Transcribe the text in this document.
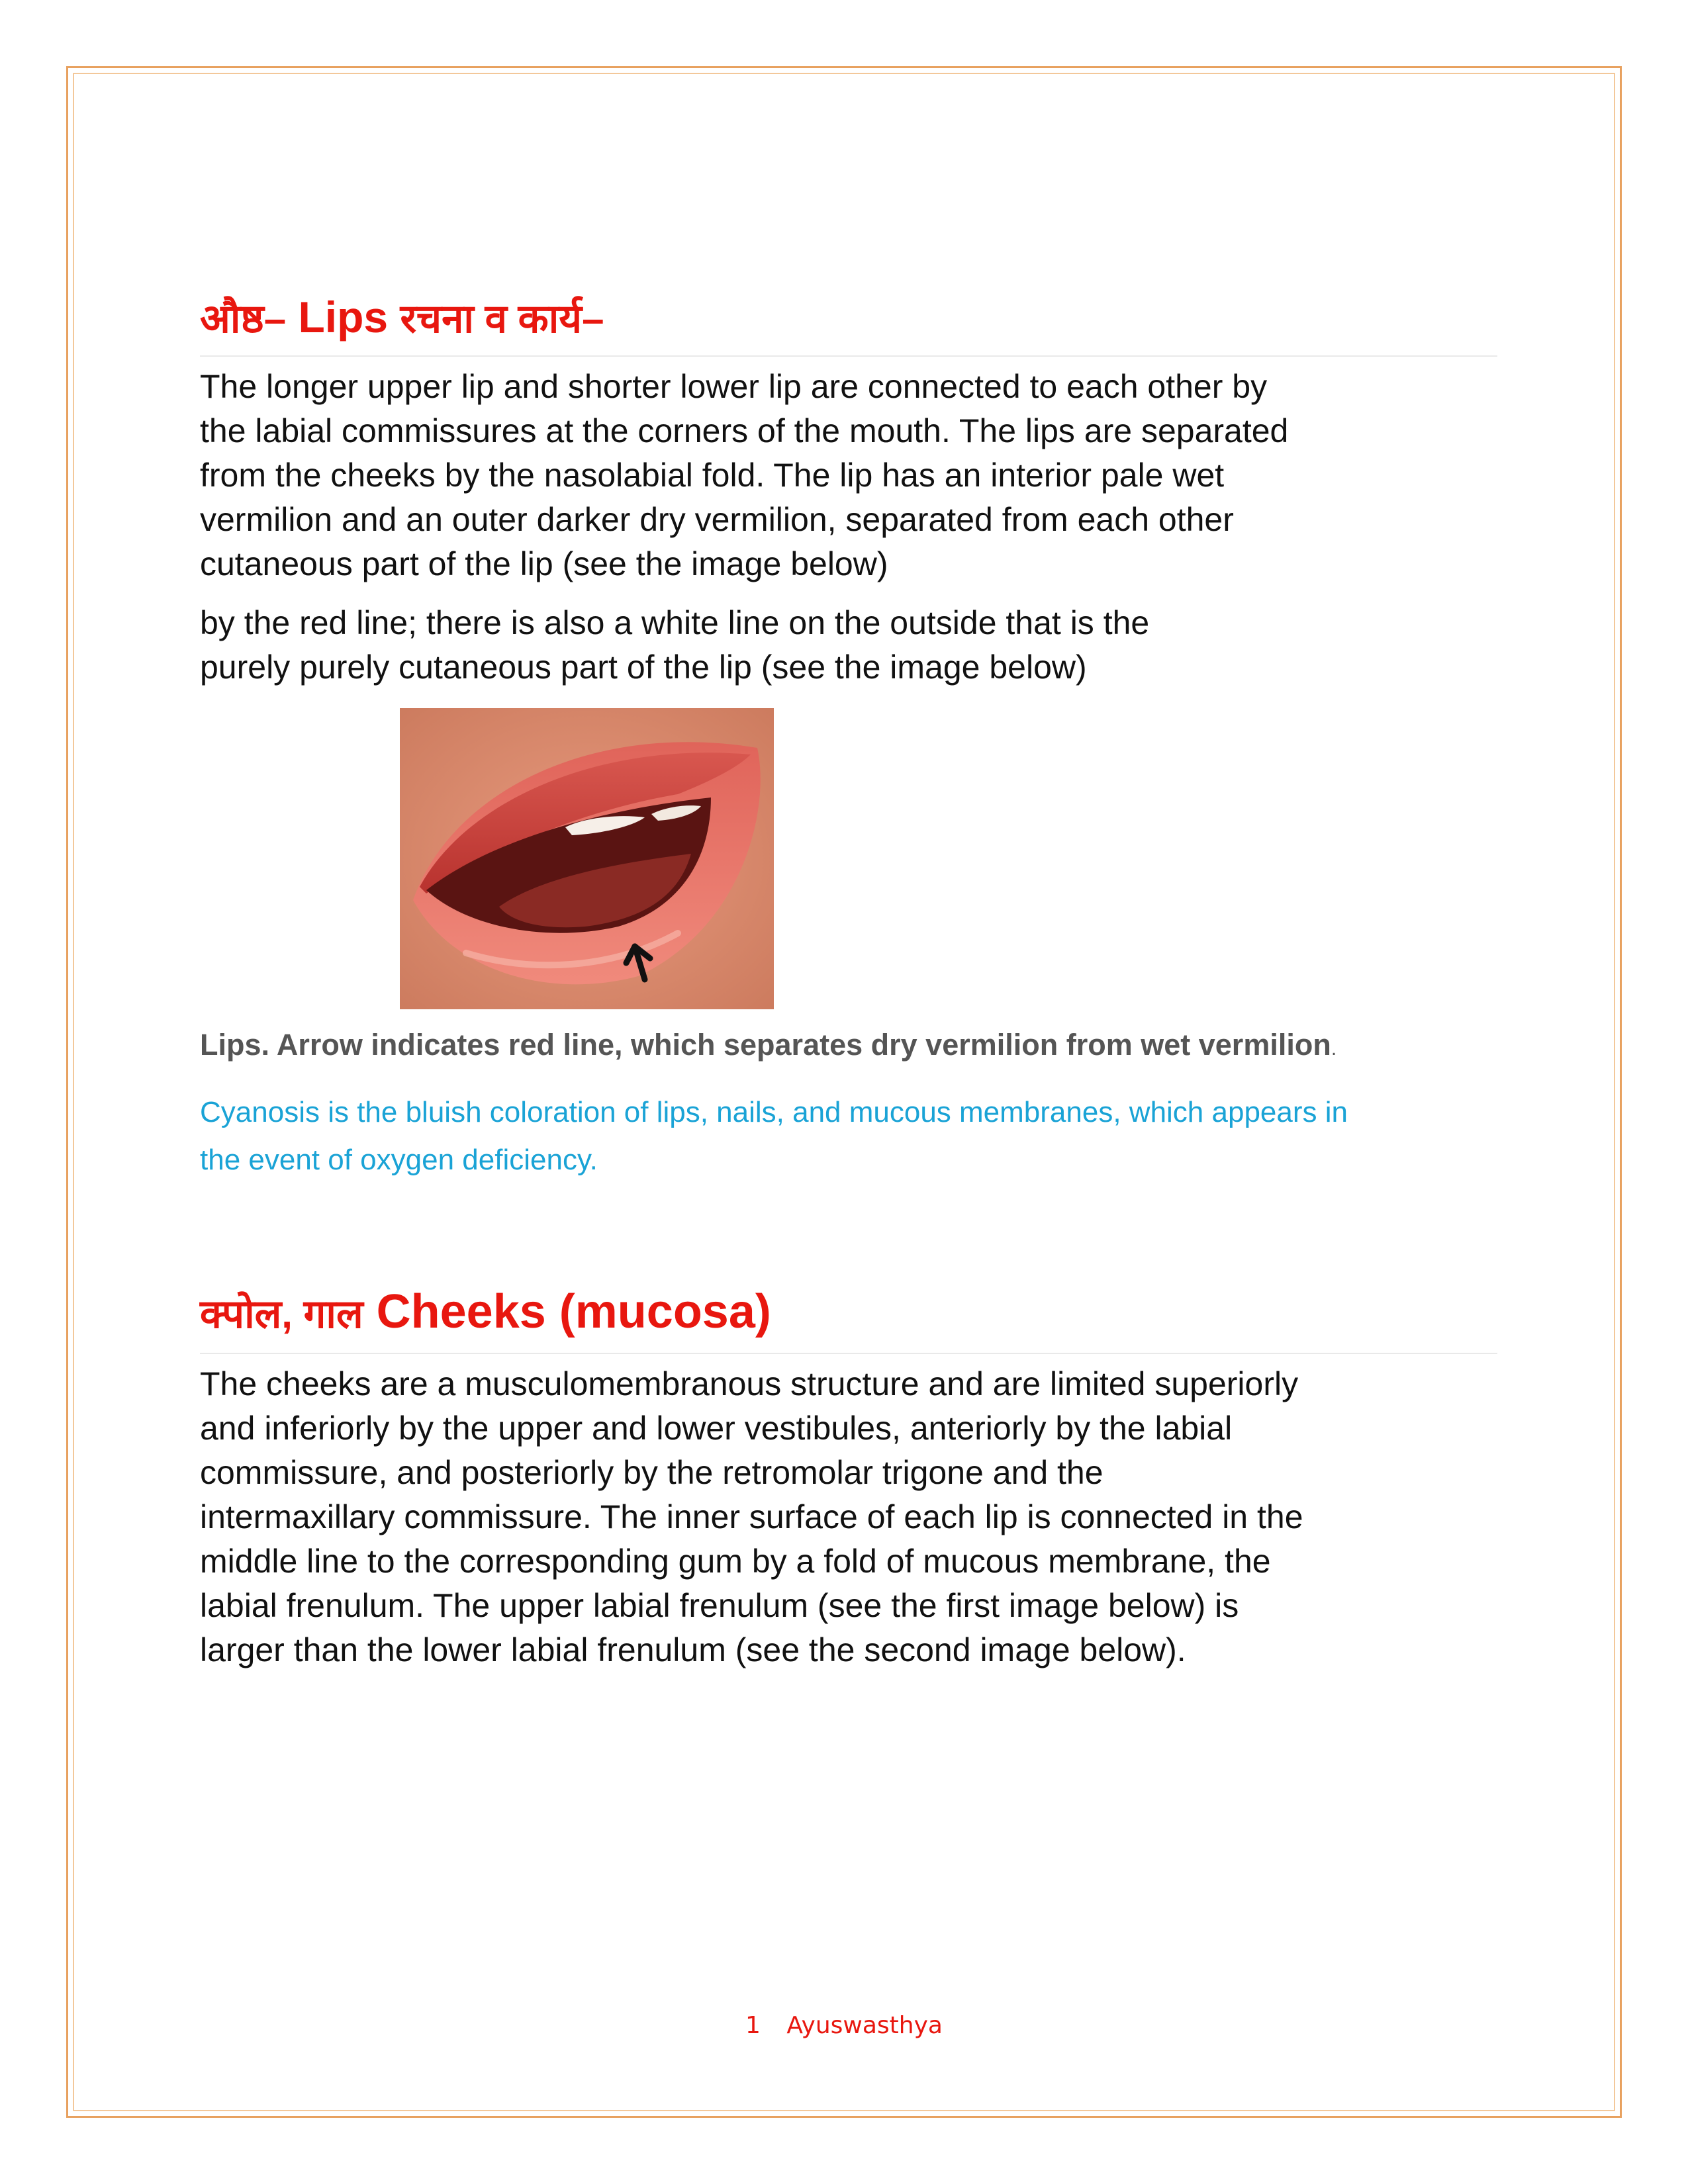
औष्ठ– Lips रचना व कार्य–

The longer upper lip and shorter lower lip are connected to each other by
the labial commissures at the corners of the mouth. The lips are separated
from the cheeks by the nasolabial fold. The lip has an interior pale wet
vermilion and an outer darker dry vermilion, separated from each other
cutaneous part of the lip (see the image below)

by the red line; there is also a white line on the outside that is the
purely purely cutaneous part of the lip (see the image below)

Lips. Arrow indicates red line, which separates dry vermilion from wet vermilion.

Cyanosis is the bluish coloration of lips, nails, and mucous membranes, which appears in
the event of oxygen deficiency.

क्पोल, गाल Cheeks (mucosa)

The cheeks are a musculomembranous structure and are limited superiorly
and inferiorly by the upper and lower vestibules, anteriorly by the labial
commissure, and posteriorly by the retromolar trigone and the
intermaxillary commissure. The inner surface of each lip is connected in the
middle line to the corresponding gum by a fold of mucous membrane, the
labial frenulum. The upper labial frenulum (see the first image below) is
larger than the lower labial frenulum (see the second image below).

1 Ayuswasthya
